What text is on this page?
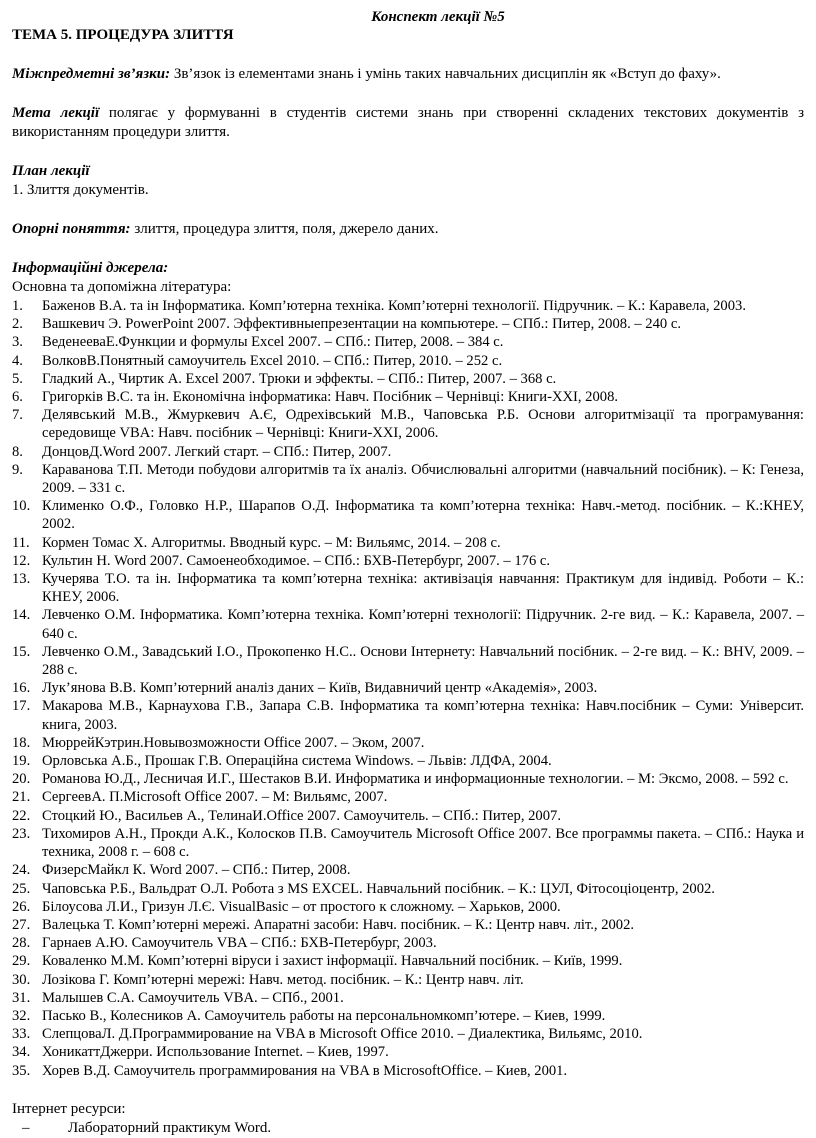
Конспект лекції №5
ТЕМА 5. ПРОЦЕДУРА ЗЛИТТЯ

Міжпредметні зв’язки: Зв’язок із елементами знань і умінь таких навчальних дисциплін як «Вступ до фаху».

Мета лекції полягає у формуванні в студентів системи знань при створенні складених текстових документів з використанням процедури злиття.

План лекції

1. Злиття документів.

Опорні поняття: злиття, процедура злиття, поля, джерело даних.

Інформаційні джерела:

Основна та допоміжна література:

1. Баженов В.А. та ін Інформатика. Комп’ютерна техніка. Комп’ютерні технології. Підручник. – К.: Каравела, 2003.
2. Вашкевич Э. PowerPoint 2007. Эффективныепрезентации на компьютере. – СПб.: Питер, 2008. – 240 с.
3. ВеденееваЕ.Функции и формулы Excel 2007. – СПб.: Питер, 2008. – 384 с.
4. ВолковВ.Понятный самоучитель Excel 2010. – СПб.: Питер, 2010. – 252 с.
5. Гладкий А., Чиртик А. Excel 2007. Трюки и эффекты. – СПб.: Питер, 2007. – 368 с.
6. Григорків В.С. та ін. Економічна інформатика: Навч. Посібник – Чернівці: Книги-XXI, 2008.
7. Делявський М.В., Жмуркевич А.Є, Одрехівський М.В., Чаповська Р.Б. Основи алгоритмізації та програмування: середовище VBA: Навч. посібник – Чернівці: Книги-XXI, 2006.
8. ДонцовД.Word 2007. Легкий старт. – СПб.: Питер, 2007.
9. Караванова Т.П. Методи побудови алгоритмів та їх аналіз. Обчислювальні алгоритми (навчальний посібник). – К: Генеза, 2009. – 331 с.
10. Клименко О.Ф., Головко Н.Р., Шарапов О.Д. Інформатика та комп’ютерна техніка: Навч.-метод. посібник. – К.:КНЕУ, 2002.
11. Кормен Томас Х. Алгоритмы. Вводный курс. – М: Вильямс, 2014. – 208 с.
12. Культин Н. Word 2007. Самоенеобходимое. – СПб.: БХВ-Петербург, 2007. – 176 с.
13. Кучерява Т.О. та ін. Інформатика та комп’ютерна техніка: активізація навчання: Практикум для індивід. Роботи – К.: КНЕУ, 2006.
14. Левченко О.М. Інформатика. Комп’ютерна техніка. Комп’ютерні технології: Підручник. 2-ге вид. – К.: Каравела, 2007. – 640 с.
15. Левченко О.М., Завадський І.О., Прокопенко Н.С.. Основи Інтернету: Навчальний посібник. – 2-ге вид. – К.: BHV, 2009. – 288 с.
16. Лук’янова В.В. Комп’ютерний аналіз даних – Київ, Видавничий центр «Академія», 2003.
17. Макарова М.В., Карнаухова Г.В., Запара С.В. Інформатика та комп’ютерна техніка: Навч.посібник – Суми: Університ. книга, 2003.
18. МюррейКэтрин.Новывозможности Office 2007. – Эком, 2007.
19. Орловська А.Б., Прошак Г.В. Операційна система Windows. – Львів: ЛДФА, 2004.
20. Романова Ю.Д., Лесничая И.Г., Шестаков В.И. Информатика и информационные технологии. – М: Эксмо, 2008. – 592 с.
21. СергеевА. П.Microsoft Office 2007. – М: Вильямс, 2007.
22. Стоцкий Ю., Васильев А., ТелинаИ.Office 2007. Самоучитель. – СПб.: Питер, 2007.
23. Тихомиров А.Н., Прокди А.К., Колосков П.В. Самоучитель Microsoft Office 2007. Все программы пакета. – СПб.: Наука и техника, 2008 г. – 608 с.
24. ФизерсМайкл К. Word 2007. – СПб.: Питер, 2008.
25. Чаповська Р.Б., Вальдрат О.Л. Робота з MS EXCEL. Навчальний посібник. – К.: ЦУЛ, Фітосоціоцентр, 2002.
26. Білоусова Л.И., Гризун Л.Є. VisualBasic – от простого к сложному. – Харьков, 2000.
27. Валецька Т. Комп’ютерні мережі. Апаратні засоби: Навч. посібник. – К.: Центр навч. літ., 2002.
28. Гарнаев А.Ю. Самоучитель VBA – СПб.: БХВ-Петербург, 2003.
29. Коваленко М.М. Комп’ютерні віруси і захист інформації. Навчальний посібник. – Київ, 1999.
30. Лозікова Г. Комп’ютерні мережі: Навч. метод. посібник. – К.: Центр навч. літ.
31. Малышев С.А. Самоучитель VBA. – СПб., 2001.
32. Пасько В., Колесников А. Самоучитель работы на персональномкомп’ютере. – Киев, 1999.
33. СлепцоваЛ. Д.Программирование на VBA в Microsoft Office 2010. – Диалектика, Вильямс, 2010.
34. ХоникаттДжерри. Использование Internet. – Киев, 1997.
35. Хорев В.Д. Самоучитель программирования на VBA в MicrosoftOffice. – Киев, 2001.

Інтернет ресурси:

–	Лабораторний практикум Word.
